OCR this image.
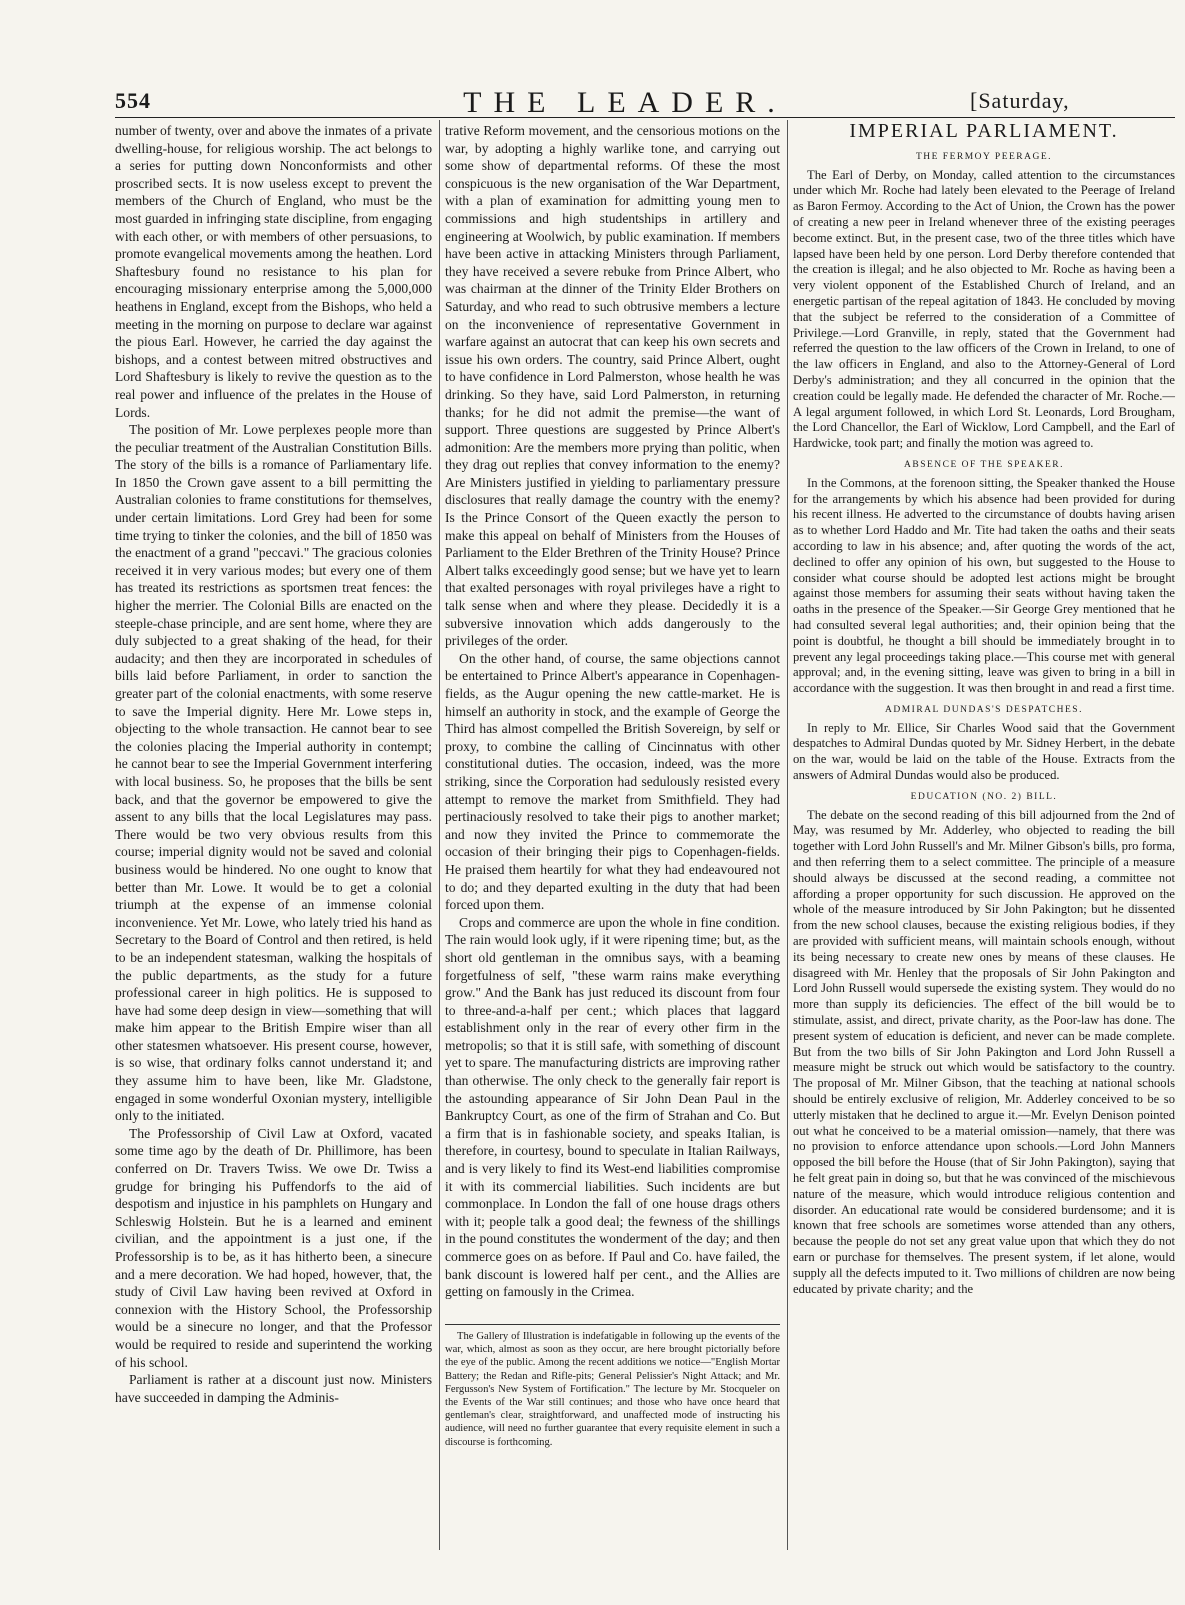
554	THE LEADER.	[Saturday,

number of twenty, over and above the inmates of a private dwelling-house, for religious worship. The act belongs to a series for putting down Nonconformists and other proscribed sects. It is now useless except to prevent the members of the Church of England, who must be the most guarded in infringing state discipline, from engaging with each other, or with members of other persuasions, to promote evangelical movements among the heathen. Lord Shaftesbury found no resistance to his plan for encouraging missionary enterprise among the 5,000,000 heathens in England, except from the Bishops, who held a meeting in the morning on purpose to declare war against the pious Earl. However, he carried the day against the bishops, and a contest between mitred obstructives and Lord Shaftesbury is likely to revive the question as to the real power and influence of the prelates in the House of Lords.

The position of Mr. Lowe perplexes people more than the peculiar treatment of the Australian Constitution Bills. The story of the bills is a romance of Parliamentary life. In 1850 the Crown gave assent to a bill permitting the Australian colonies to frame constitutions for themselves, under certain limitations. Lord Grey had been for some time trying to tinker the colonies, and the bill of 1850 was the enactment of a grand "peccavi." The gracious colonies received it in very various modes; but every one of them has treated its restrictions as sportsmen treat fences: the higher the merrier. The Colonial Bills are enacted on the steeple-chase principle, and are sent home, where they are duly subjected to a great shaking of the head, for their audacity; and then they are incorporated in schedules of bills laid before Parliament, in order to sanction the greater part of the colonial enactments, with some reserve to save the Imperial dignity. Here Mr. Lowe steps in, objecting to the whole transaction. He cannot bear to see the colonies placing the Imperial authority in contempt; he cannot bear to see the Imperial Government interfering with local business. So, he proposes that the bills be sent back, and that the governor be empowered to give the assent to any bills that the local Legislatures may pass. There would be two very obvious results from this course; imperial dignity would not be saved and colonial business would be hindered. No one ought to know that better than Mr. Lowe. It would be to get a colonial triumph at the expense of an immense colonial inconvenience. Yet Mr. Lowe, who lately tried his hand as Secretary to the Board of Control and then retired, is held to be an independent statesman, walking the hospitals of the public departments, as the study for a future professional career in high politics. He is supposed to have had some deep design in view—something that will make him appear to the British Empire wiser than all other statesmen whatsoever. His present course, however, is so wise, that ordinary folks cannot understand it; and they assume him to have been, like Mr. Gladstone, engaged in some wonderful Oxonian mystery, intelligible only to the initiated.

The Professorship of Civil Law at Oxford, vacated some time ago by the death of Dr. Phillimore, has been conferred on Dr. Travers Twiss. We owe Dr. Twiss a grudge for bringing his Puffendorfs to the aid of despotism and injustice in his pamphlets on Hungary and Schleswig Holstein. But he is a learned and eminent civilian, and the appointment is a just one, if the Professorship is to be, as it has hitherto been, a sinecure and a mere decoration. We had hoped, however, that, the study of Civil Law having been revived at Oxford in connexion with the History School, the Professorship would be a sinecure no longer, and that the Professor would be required to reside and superintend the working of his school.

Parliament is rather at a discount just now. Ministers have succeeded in damping the Adminis-

trative Reform movement, and the censorious motions on the war, by adopting a highly warlike tone, and carrying out some show of departmental reforms. Of these the most conspicuous is the new organisation of the War Department, with a plan of examination for admitting young men to commissions and high studentships in artillery and engineering at Woolwich, by public examination. If members have been active in attacking Ministers through Parliament, they have received a severe rebuke from Prince Albert, who was chairman at the dinner of the Trinity Elder Brothers on Saturday, and who read to such obtrusive members a lecture on the inconvenience of representative Government in warfare against an autocrat that can keep his own secrets and issue his own orders. The country, said Prince Albert, ought to have confidence in Lord Palmerston, whose health he was drinking. So they have, said Lord Palmerston, in returning thanks; for he did not admit the premise—the want of support. Three questions are suggested by Prince Albert's admonition: Are the members more prying than politic, when they drag out replies that convey information to the enemy? Are Ministers justified in yielding to parliamentary pressure disclosures that really damage the country with the enemy? Is the Prince Consort of the Queen exactly the person to make this appeal on behalf of Ministers from the Houses of Parliament to the Elder Brethren of the Trinity House? Prince Albert talks exceedingly good sense; but we have yet to learn that exalted personages with royal privileges have a right to talk sense when and where they please. Decidedly it is a subversive innovation which adds dangerously to the privileges of the order.

On the other hand, of course, the same objections cannot be entertained to Prince Albert's appearance in Copenhagen-fields, as the Augur opening the new cattle-market. He is himself an authority in stock, and the example of George the Third has almost compelled the British Sovereign, by self or proxy, to combine the calling of Cincinnatus with other constitutional duties. The occasion, indeed, was the more striking, since the Corporation had sedulously resisted every attempt to remove the market from Smithfield. They had pertinaciously resolved to take their pigs to another market; and now they invited the Prince to commemorate the occasion of their bringing their pigs to Copenhagen-fields. He praised them heartily for what they had endeavoured not to do; and they departed exulting in the duty that had been forced upon them.

Crops and commerce are upon the whole in fine condition. The rain would look ugly, if it were ripening time; but, as the short old gentleman in the omnibus says, with a beaming forgetfulness of self, "these warm rains make everything grow." And the Bank has just reduced its discount from four to three-and-a-half per cent.; which places that laggard establishment only in the rear of every other firm in the metropolis; so that it is still safe, with something of discount yet to spare. The manufacturing districts are improving rather than otherwise. The only check to the generally fair report is the astounding appearance of Sir John Dean Paul in the Bankruptcy Court, as one of the firm of Strahan and Co. But a firm that is in fashionable society, and speaks Italian, is therefore, in courtesy, bound to speculate in Italian Railways, and is very likely to find its West-end liabilities compromise it with its commercial liabilities. Such incidents are but commonplace. In London the fall of one house drags others with it; people talk a good deal; the fewness of the shillings in the pound constitutes the wonderment of the day; and then commerce goes on as before. If Paul and Co. have failed, the bank discount is lowered half per cent., and the Allies are getting on famously in the Crimea.

The Gallery of Illustration is indefatigable in following up the events of the war, which, almost as soon as they occur, are here brought pictorially before the eye of the public. Among the recent additions we notice—"English Mortar Battery; the Redan and Rifle-pits; General Pelissier's Night Attack; and Mr. Fergusson's New System of Fortification." The lecture by Mr. Stocqueler on the Events of the War still continues; and those who have once heard that gentleman's clear, straightforward, and unaffected mode of instructing his audience, will need no further guarantee that every requisite element in such a discourse is forthcoming.

IMPERIAL PARLIAMENT.
THE FERMOY PEERAGE.

The Earl of Derby, on Monday, called attention to the circumstances under which Mr. Roche had lately been elevated to the Peerage of Ireland as Baron Fermoy. According to the Act of Union, the Crown has the power of creating a new peer in Ireland whenever three of the existing peerages become extinct. But, in the present case, two of the three titles which have lapsed have been held by one person. Lord Derby therefore contended that the creation is illegal; and he also objected to Mr. Roche as having been a very violent opponent of the Established Church of Ireland, and an energetic partisan of the repeal agitation of 1843. He concluded by moving that the subject be referred to the consideration of a Committee of Privilege.—Lord Granville, in reply, stated that the Government had referred the question to the law officers of the Crown in Ireland, to one of the law officers in England, and also to the Attorney-General of Lord Derby's administration; and they all concurred in the opinion that the creation could be legally made. He defended the character of Mr. Roche.—A legal argument followed, in which Lord St. Leonards, Lord Brougham, the Lord Chancellor, the Earl of Wicklow, Lord Campbell, and the Earl of Hardwicke, took part; and finally the motion was agreed to.

ABSENCE OF THE SPEAKER.

In the Commons, at the forenoon sitting, the Speaker thanked the House for the arrangements by which his absence had been provided for during his recent illness. He adverted to the circumstance of doubts having arisen as to whether Lord Haddo and Mr. Tite had taken the oaths and their seats according to law in his absence; and, after quoting the words of the act, declined to offer any opinion of his own, but suggested to the House to consider what course should be adopted lest actions might be brought against those members for assuming their seats without having taken the oaths in the presence of the Speaker.—Sir George Grey mentioned that he had consulted several legal authorities; and, their opinion being that the point is doubtful, he thought a bill should be immediately brought in to prevent any legal proceedings taking place.—This course met with general approval; and, in the evening sitting, leave was given to bring in a bill in accordance with the suggestion. It was then brought in and read a first time.

ADMIRAL DUNDAS'S DESPATCHES.

In reply to Mr. Ellice, Sir Charles Wood said that the Government despatches to Admiral Dundas quoted by Mr. Sidney Herbert, in the debate on the war, would be laid on the table of the House. Extracts from the answers of Admiral Dundas would also be produced.

EDUCATION (NO. 2) BILL.

The debate on the second reading of this bill adjourned from the 2nd of May, was resumed by Mr. Adderley, who objected to reading the bill together with Lord John Russell's and Mr. Milner Gibson's bills, pro forma, and then referring them to a select committee. The principle of a measure should always be discussed at the second reading, a committee not affording a proper opportunity for such discussion. He approved on the whole of the measure introduced by Sir John Pakington; but he dissented from the new school clauses, because the existing religious bodies, if they are provided with sufficient means, will maintain schools enough, without its being necessary to create new ones by means of these clauses. He disagreed with Mr. Henley that the proposals of Sir John Pakington and Lord John Russell would supersede the existing system. They would do no more than supply its deficiencies. The effect of the bill would be to stimulate, assist, and direct, private charity, as the Poor-law has done. The present system of education is deficient, and never can be made complete. But from the two bills of Sir John Pakington and Lord John Russell a measure might be struck out which would be satisfactory to the country. The proposal of Mr. Milner Gibson, that the teaching at national schools should be entirely exclusive of religion, Mr. Adderley conceived to be so utterly mistaken that he declined to argue it.—Mr. Evelyn Denison pointed out what he conceived to be a material omission—namely, that there was no provision to enforce attendance upon schools.—Lord John Manners opposed the bill before the House (that of Sir John Pakington), saying that he felt great pain in doing so, but that he was convinced of the mischievous nature of the measure, which would introduce religious contention and disorder. An educational rate would be considered burdensome; and it is known that free schools are sometimes worse attended than any others, because the people do not set any great value upon that which they do not earn or purchase for themselves. The present system, if let alone, would supply all the defects imputed to it. Two millions of children are now being educated by private charity; and the
